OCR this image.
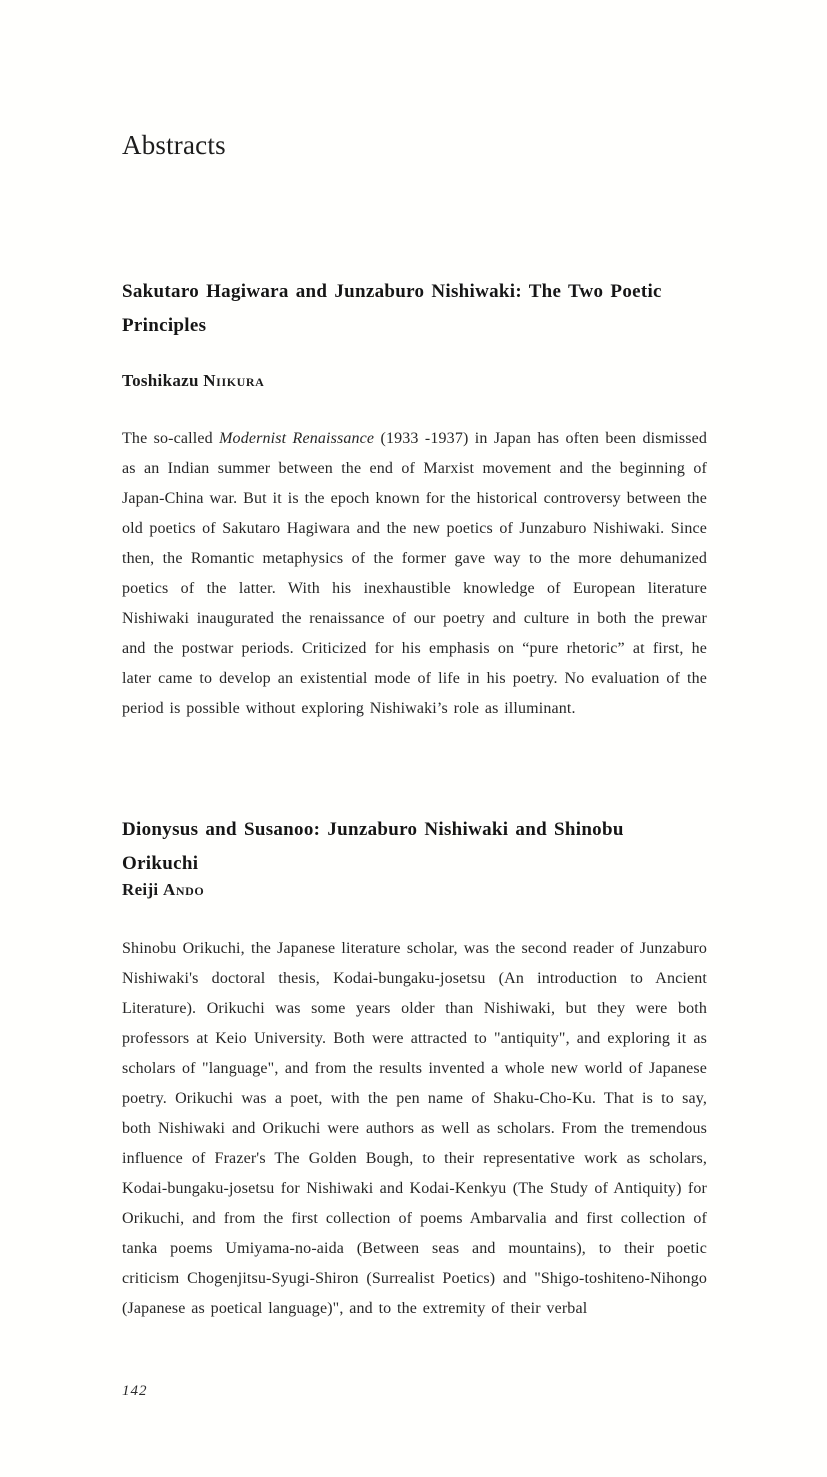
Abstracts
Sakutaro Hagiwara and Junzaburo Nishiwaki: The Two Poetic Principles

Toshikazu Niikura

The so-called Modernist Renaissance (1933 -1937) in Japan has often been dismissed as an Indian summer between the end of Marxist movement and the beginning of Japan-China war. But it is the epoch known for the historical controversy between the old poetics of Sakutaro Hagiwara and the new poetics of Junzaburo Nishiwaki. Since then, the Romantic metaphysics of the former gave way to the more dehumanized poetics of the latter. With his inexhaustible knowledge of European literature Nishiwaki inaugurated the renaissance of our poetry and culture in both the prewar and the postwar periods. Criticized for his emphasis on “pure rhetoric” at first, he later came to develop an existential mode of life in his poetry. No evaluation of the period is possible without exploring Nishiwaki’s role as illuminant.

Dionysus and Susanoo: Junzaburo Nishiwaki and Shinobu Orikuchi

Reiji Ando

Shinobu Orikuchi, the Japanese literature scholar, was the second reader of Junzaburo Nishiwaki's doctoral thesis, Kodai-bungaku-josetsu (An introduction to Ancient Literature). Orikuchi was some years older than Nishiwaki, but they were both professors at Keio University. Both were attracted to "antiquity", and exploring it as scholars of "language", and from the results invented a whole new world of Japanese poetry. Orikuchi was a poet, with the pen name of Shaku-Cho-Ku. That is to say, both Nishiwaki and Orikuchi were authors as well as scholars. From the tremendous influence of Frazer's The Golden Bough, to their representative work as scholars, Kodai-bungaku-josetsu for Nishiwaki and Kodai-Kenkyu (The Study of Antiquity) for Orikuchi, and from the first collection of poems Ambarvalia and first collection of tanka poems Umiyama-no-aida (Between seas and mountains), to their poetic criticism Chogenjitsu-Syugi-Shiron (Surrealist Poetics) and "Shigo-toshiteno-Nihongo (Japanese as poetical language)", and to the extremity of their verbal

142
